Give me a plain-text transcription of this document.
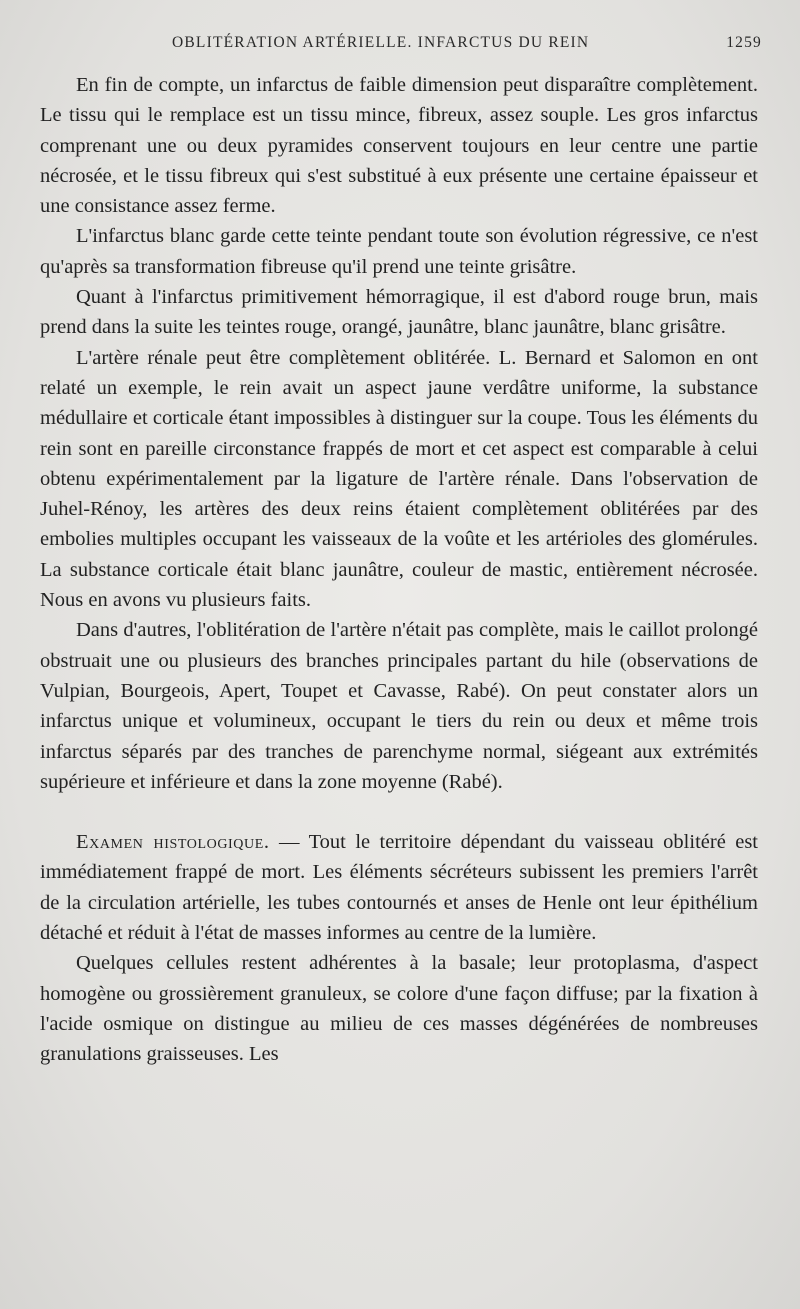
OBLITÉRATION ARTÉRIELLE. INFARCTUS DU REIN	1259

En fin de compte, un infarctus de faible dimension peut disparaître complètement. Le tissu qui le remplace est un tissu mince, fibreux, assez souple. Les gros infarctus comprenant une ou deux pyramides conservent toujours en leur centre une partie nécrosée, et le tissu fibreux qui s'est substitué à eux présente une certaine épaisseur et une consistance assez ferme.

L'infarctus blanc garde cette teinte pendant toute son évolution régressive, ce n'est qu'après sa transformation fibreuse qu'il prend une teinte grisâtre.

Quant à l'infarctus primitivement hémorragique, il est d'abord rouge brun, mais prend dans la suite les teintes rouge, orangé, jaunâtre, blanc jaunâtre, blanc grisâtre.

L'artère rénale peut être complètement oblitérée. L. Bernard et Salomon en ont relaté un exemple, le rein avait un aspect jaune verdâtre uniforme, la substance médullaire et corticale étant impossibles à distinguer sur la coupe. Tous les éléments du rein sont en pareille circonstance frappés de mort et cet aspect est comparable à celui obtenu expérimentalement par la ligature de l'artère rénale. Dans l'observation de Juhel-Rénoy, les artères des deux reins étaient complètement oblitérées par des embolies multiples occupant les vaisseaux de la voûte et les artérioles des glomérules. La substance corticale était blanc jaunâtre, couleur de mastic, entièrement nécrosée. Nous en avons vu plusieurs faits.

Dans d'autres, l'oblitération de l'artère n'était pas complète, mais le caillot prolongé obstruait une ou plusieurs des branches principales partant du hile (observations de Vulpian, Bourgeois, Apert, Toupet et Cavasse, Rabé). On peut constater alors un infarctus unique et volumineux, occupant le tiers du rein ou deux et même trois infarctus séparés par des tranches de parenchyme normal, siégeant aux extrémités supérieure et inférieure et dans la zone moyenne (Rabé).

Examen histologique. — Tout le territoire dépendant du vaisseau oblitéré est immédiatement frappé de mort. Les éléments sécréteurs subissent les premiers l'arrêt de la circulation artérielle, les tubes contournés et anses de Henle ont leur épithélium détaché et réduit à l'état de masses informes au centre de la lumière.

Quelques cellules restent adhérentes à la basale; leur protoplasma, d'aspect homogène ou grossièrement granuleux, se colore d'une façon diffuse; par la fixation à l'acide osmique on distingue au milieu de ces masses dégénérées de nombreuses granulations graisseuses. Les
